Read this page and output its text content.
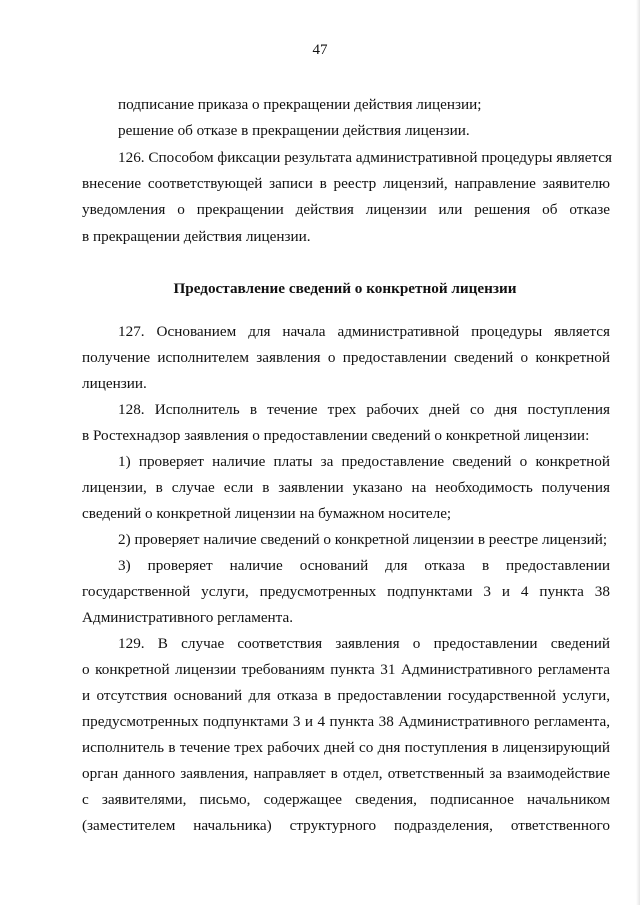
47
подписание приказа о прекращении действия лицензии;
решение об отказе в прекращении действия лицензии.
126. Способом фиксации результата административной процедуры является
внесение соответствующей записи в реестр лицензий, направление заявителю
уведомления о прекращении действия лицензии или решения об отказе
в прекращении действия лицензии.
Предоставление сведений о конкретной лицензии
127. Основанием для начала административной процедуры является
получение исполнителем заявления о предоставлении сведений о конкретной
лицензии.
128. Исполнитель в течение трех рабочих дней со дня поступления
в Ростехнадзор заявления о предоставлении сведений о конкретной лицензии:
1) проверяет наличие платы за предоставление сведений о конкретной
лицензии, в случае если в заявлении указано на необходимость получения
сведений о конкретной лицензии на бумажном носителе;
2) проверяет наличие сведений о конкретной лицензии в реестре лицензий;
3) проверяет наличие оснований для отказа в предоставлении
государственной услуги, предусмотренных подпунктами 3 и 4 пункта 38
Административного регламента.
129. В случае соответствия заявления о предоставлении сведений
о конкретной лицензии требованиям пункта 31 Административного регламента
и отсутствия оснований для отказа в предоставлении государственной услуги,
предусмотренных подпунктами 3 и 4 пункта 38 Административного регламента,
исполнитель в течение трех рабочих дней со дня поступления в лицензирующий
орган данного заявления, направляет в отдел, ответственный за взаимодействие
с заявителями, письмо, содержащее сведения, подписанное начальником
(заместителем начальника) структурного подразделения, ответственного
